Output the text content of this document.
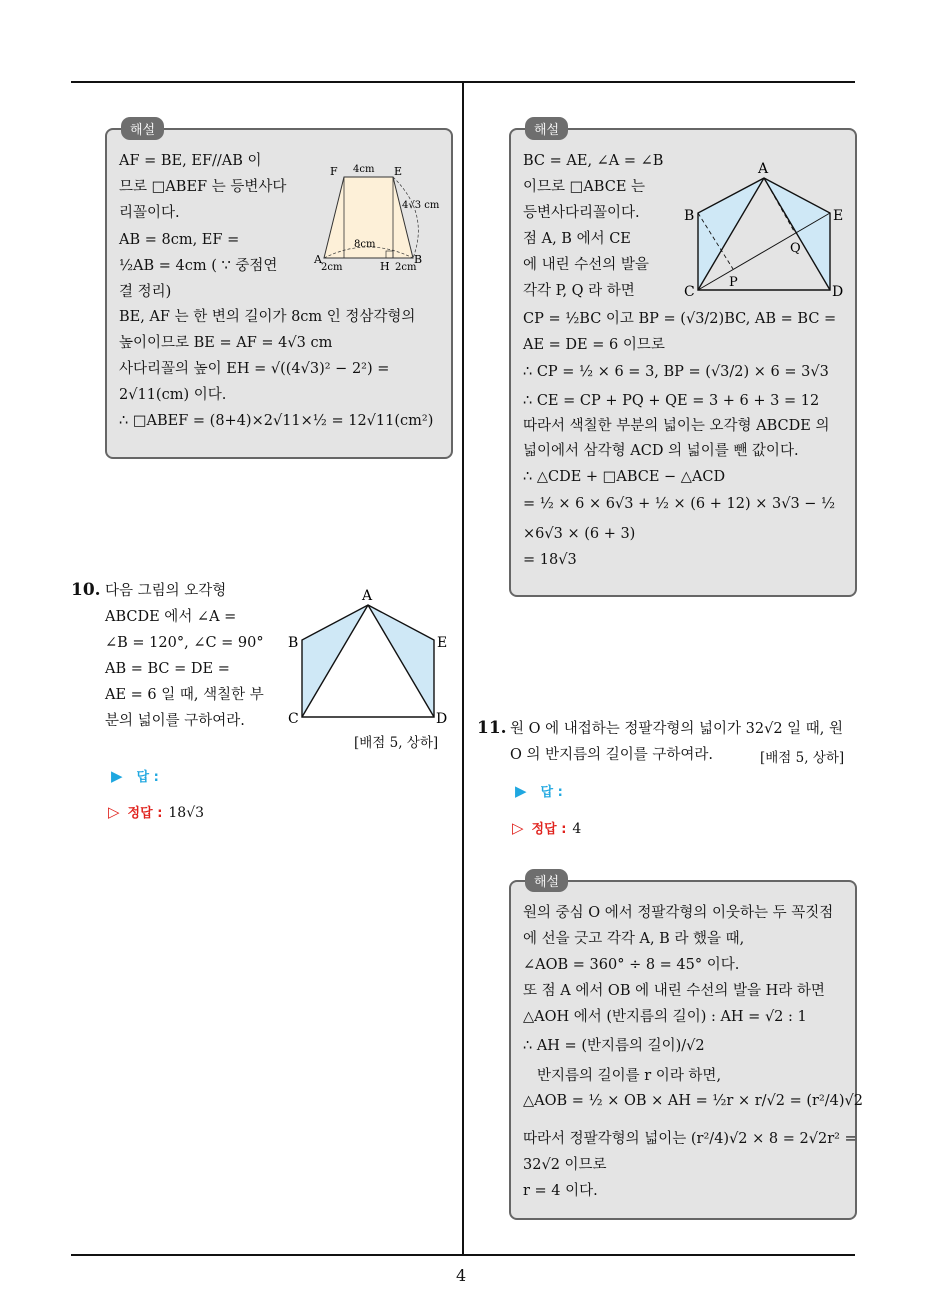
해설
F	E
A	B
H
4cm
8cm
4√3 cm
2cm	2cm
AF = BE, EF//AB 이
므로 □ABEF 는 등변사다
리꼴이다.
AB = 8cm, EF =
½AB = 4cm ( ∵ 중점연
결 정리)
BE, AF 는 한 변의 길이가 8cm 인 정삼각형의
높이이므로 BE = AF = 4√3 cm
사다리꼴의 높이 EH = √((4√3)² − 2²) =
2√11(cm) 이다.
∴ □ABEF = (8+4)×2√11×½ = 12√11(cm²)
10. 다음 그림의 오각형
ABCDE 에서 ∠A =
∠B = 120°, ∠C = 90°
AB = BC = DE =
AE = 6 일 때, 색칠한 부
분의 넓이를 구하여라.
A
B	E
C	D
[배점 5, 상하]
▶ 답 :
▷ 정답 : 18√3
해설
A
B	E
C	D
P
Q
BC = AE, ∠A = ∠B
이므로 □ABCE 는
등변사다리꼴이다.
점 A, B 에서 CE
에 내린 수선의 발을
각각 P, Q 라 하면
CP = ½BC 이고 BP = (√3/2)BC, AB = BC =
AE = DE = 6 이므로
∴ CP = ½ × 6 = 3, BP = (√3/2) × 6 = 3√3
∴ CE = CP + PQ + QE = 3 + 6 + 3 = 12
따라서 색칠한 부분의 넓이는 오각형 ABCDE 의
넓이에서 삼각형 ACD 의 넓이를 뺀 값이다.
∴ △CDE + □ABCE − △ACD
= ½ × 6 × 6√3 + ½ × (6 + 12) × 3√3 − ½
×6√3 × (6 + 3)
= 18√3
11. 원 O 에 내접하는 정팔각형의 넓이가 32√2 일 때, 원
O 의 반지름의 길이를 구하여라.	[배점 5, 상하]
▶ 답 :
▷ 정답 : 4
해설
원의 중심 O 에서 정팔각형의 이웃하는 두 꼭짓점
에 선을 긋고 각각 A, B 라 했을 때,
∠AOB = 360° ÷ 8 = 45° 이다.
또 점 A 에서 OB 에 내린 수선의 발을 H라 하면
△AOH 에서 (반지름의 길이) : AH = √2 : 1
∴ AH = (반지름의 길이)/√2
반지름의 길이를 r 이라 하면,
△AOB = ½ × OB × AH = ½r × r/√2 = (r²/4)√2
따라서 정팔각형의 넓이는 (r²/4)√2 × 8 = 2√2r² =
32√2 이므로
r = 4 이다.
4
